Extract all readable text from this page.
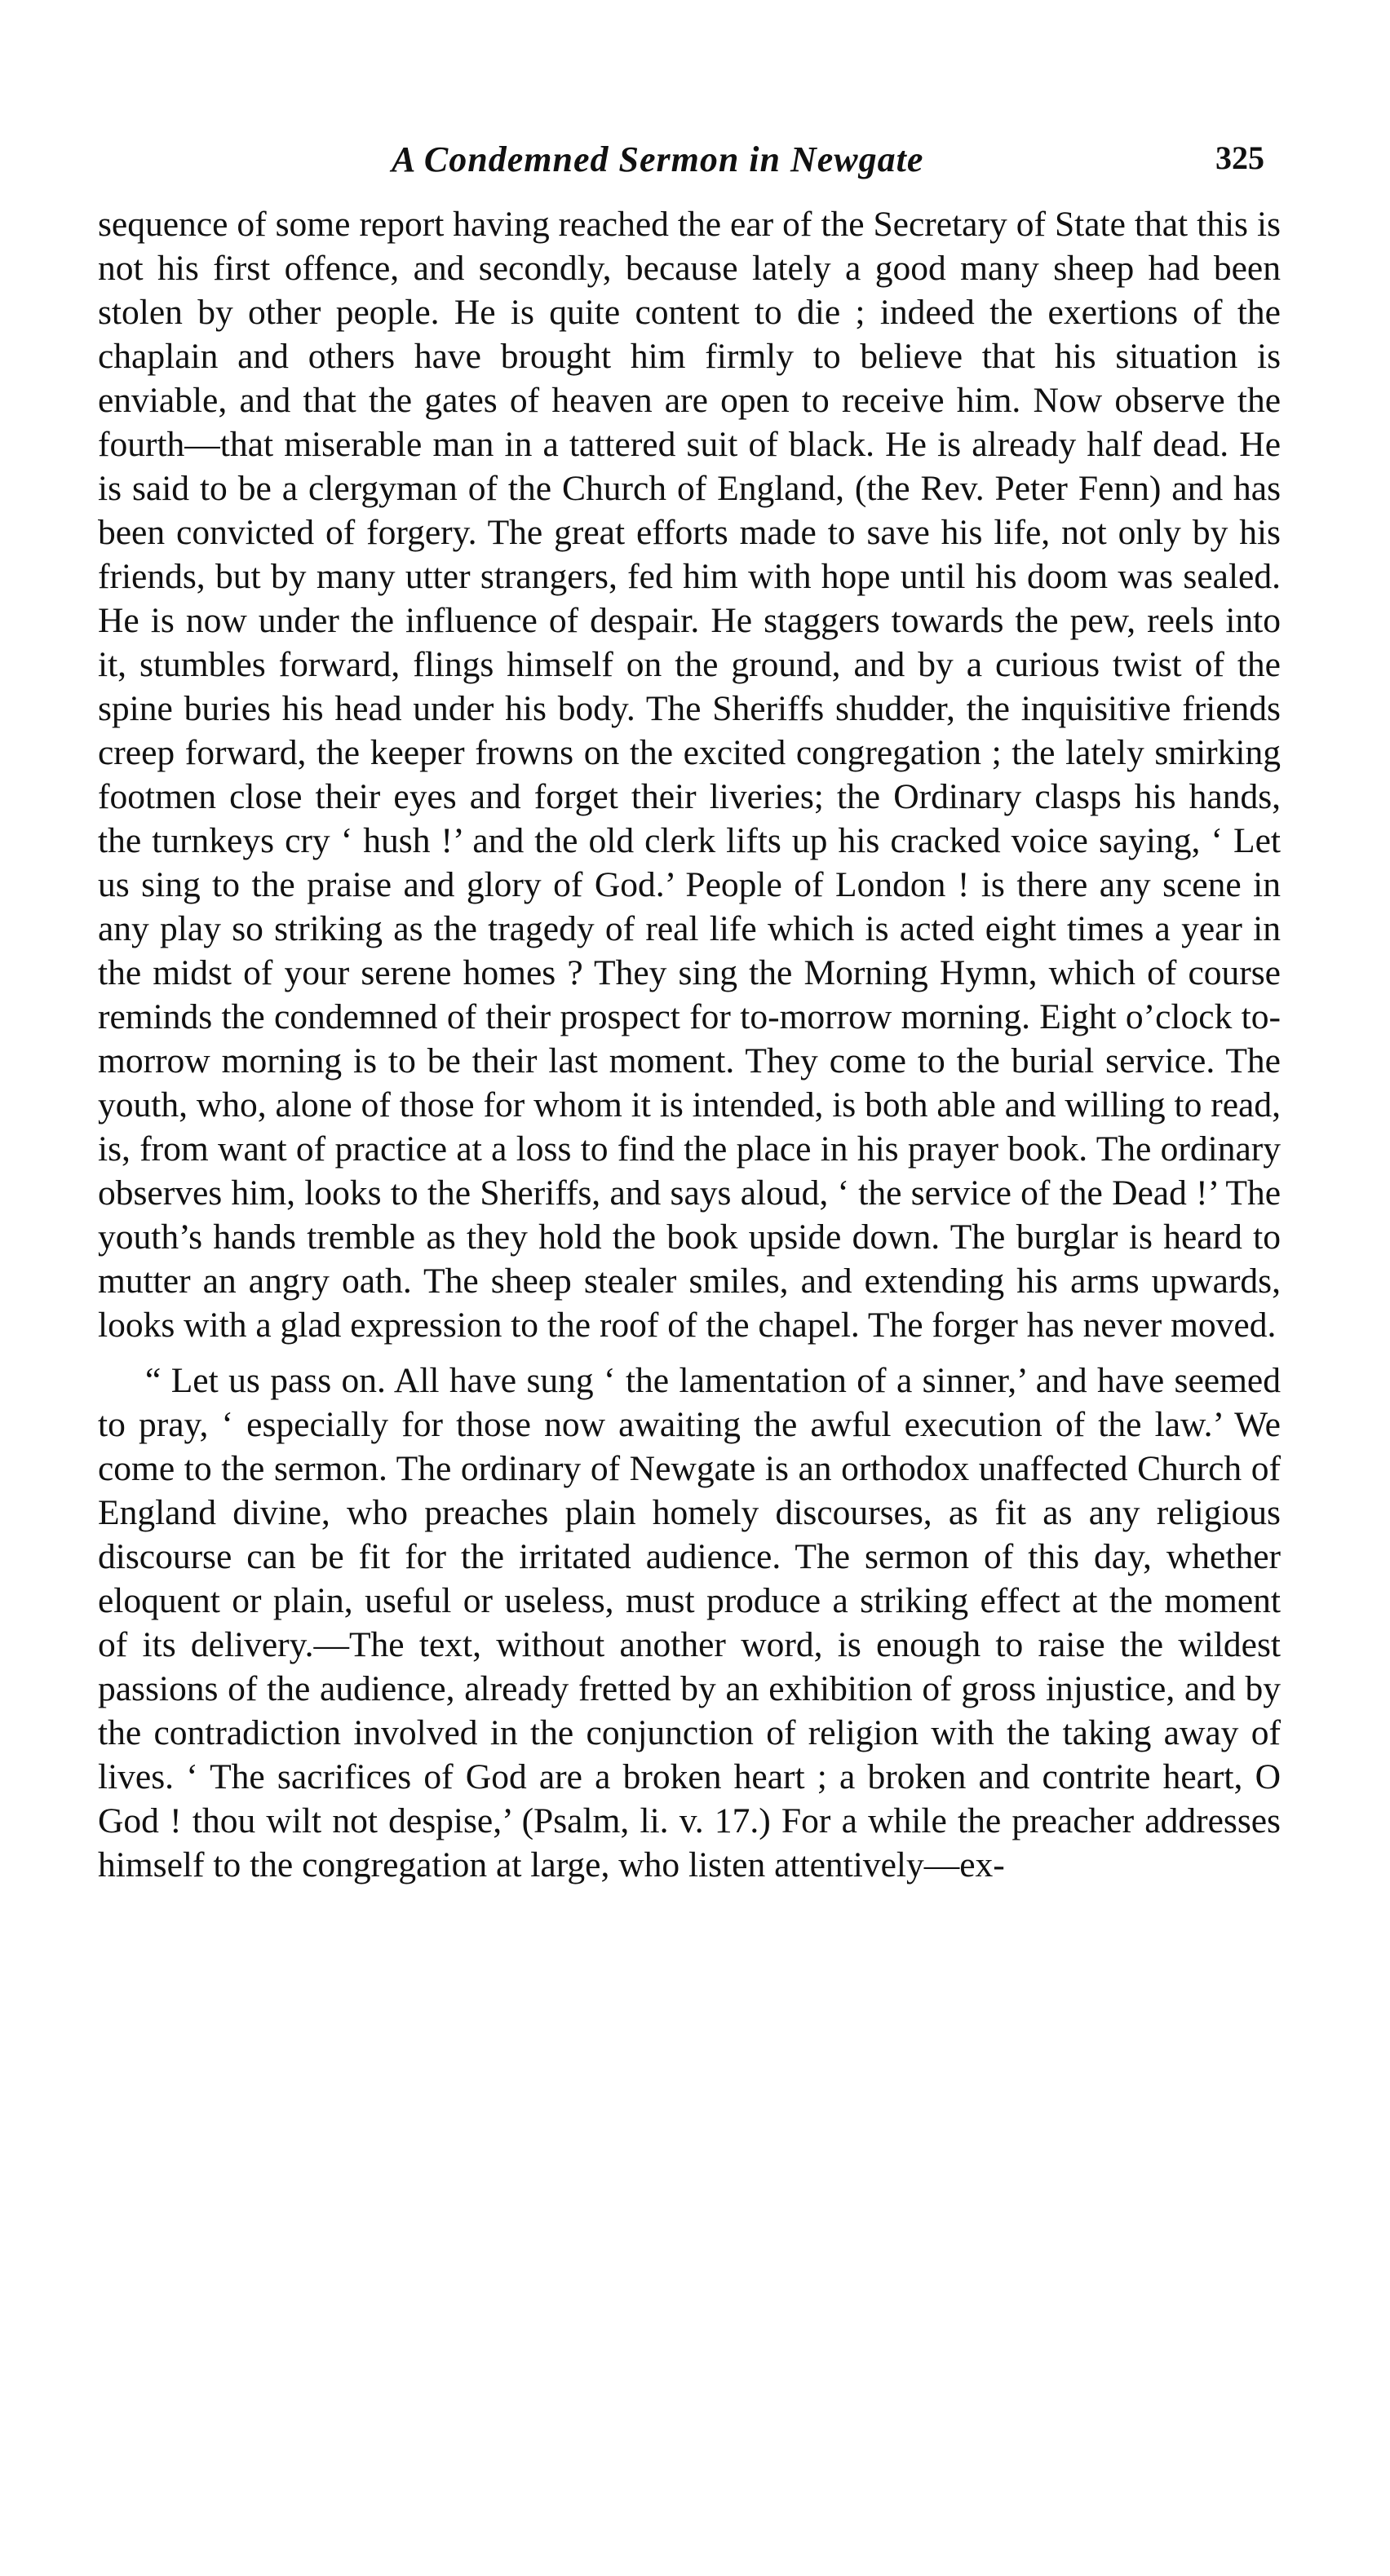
A Condemned Sermon in Newgate	325

sequence of some report having reached the ear of the Secretary of State that this is not his first offence, and secondly, because lately a good many sheep had been stolen by other people. He is quite content to die ; indeed the exertions of the chaplain and others have brought him firmly to believe that his situation is enviable, and that the gates of heaven are open to receive him. Now observe the fourth—that miserable man in a tattered suit of black. He is already half dead. He is said to be a clergyman of the Church of England, (the Rev. Peter Fenn) and has been convicted of forgery. The great efforts made to save his life, not only by his friends, but by many utter strangers, fed him with hope until his doom was sealed. He is now under the influence of despair. He staggers towards the pew, reels into it, stumbles forward, flings himself on the ground, and by a curious twist of the spine buries his head under his body. The Sheriffs shudder, the inquisitive friends creep forward, the keeper frowns on the excited congregation ; the lately smirking footmen close their eyes and forget their liveries; the Ordinary clasps his hands, the turnkeys cry ‘ hush !’ and the old clerk lifts up his cracked voice saying, ‘ Let us sing to the praise and glory of God.’ People of London ! is there any scene in any play so striking as the tragedy of real life which is acted eight times a year in the midst of your serene homes ? They sing the Morning Hymn, which of course reminds the condemned of their prospect for to-morrow morning. Eight o’clock to-morrow morning is to be their last moment. They come to the burial service. The youth, who, alone of those for whom it is intended, is both able and willing to read, is, from want of practice at a loss to find the place in his prayer book. The ordinary observes him, looks to the Sheriffs, and says aloud, ‘ the service of the Dead !’ The youth’s hands tremble as they hold the book upside down. The burglar is heard to mutter an angry oath. The sheep stealer smiles, and extending his arms upwards, looks with a glad expression to the roof of the chapel. The forger has never moved.

“ Let us pass on. All have sung ‘ the lamentation of a sinner,’ and have seemed to pray, ‘ especially for those now awaiting the awful execution of the law.’ We come to the sermon. The ordinary of Newgate is an orthodox unaffected Church of England divine, who preaches plain homely discourses, as fit as any religious discourse can be fit for the irritated audience. The sermon of this day, whether eloquent or plain, useful or useless, must produce a striking effect at the moment of its delivery.—The text, without another word, is enough to raise the wildest passions of the audience, already fretted by an exhibition of gross injustice, and by the contradiction involved in the conjunction of religion with the taking away of lives. ‘ The sacrifices of God are a broken heart ; a broken and contrite heart, O God ! thou wilt not despise,’ (Psalm, li. v. 17.) For a while the preacher addresses himself to the congregation at large, who listen attentively—ex-
